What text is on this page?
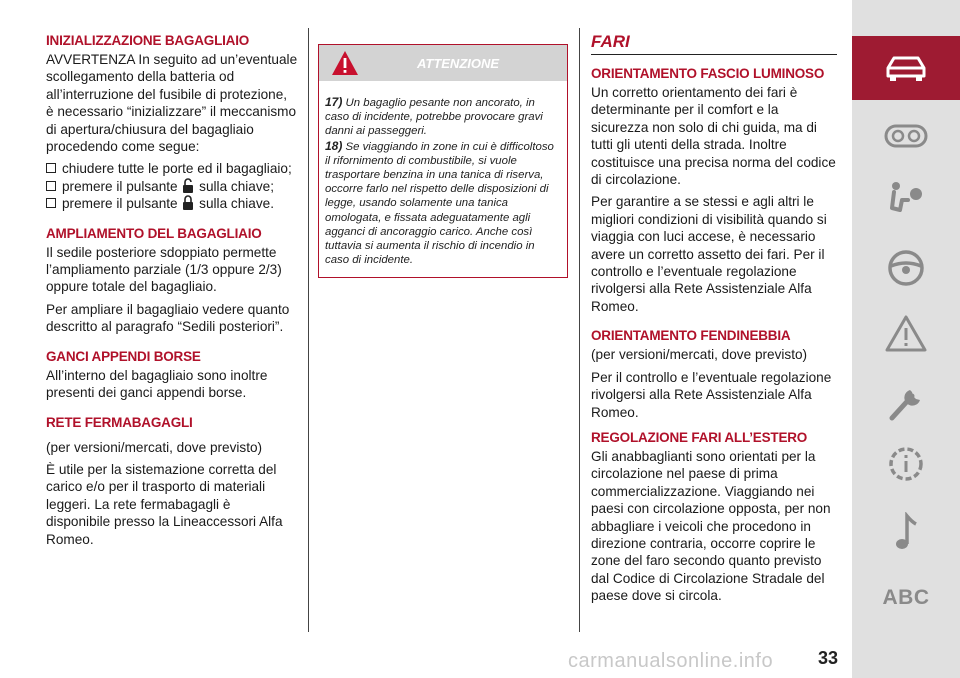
INIZIALIZZAZIONE BAGAGLIAIO

AVVERTENZA In seguito ad un’eventuale scollegamento della batteria od all’interruzione del fusibile di protezione, è necessario “inizializzare” il meccanismo di apertura/chiusura del bagagliaio procedendo come segue:

chiudere tutte le porte ed il bagagliaio;
premere il pulsante sulla chiave;
premere il pulsante sulla chiave.
AMPLIAMENTO DEL BAGAGLIAIO

Il sedile posteriore sdoppiato permette l’ampliamento parziale (1/3 oppure 2/3) oppure totale del bagagliaio.

Per ampliare il bagagliaio vedere quanto descritto al paragrafo “Sedili posteriori”.

GANCI APPENDI BORSE

All’interno del bagagliaio sono inoltre presenti dei ganci appendi borse.

RETE FERMABAGAGLI

(per versioni/mercati, dove previsto)

È utile per la sistemazione corretta del carico e/o per il trasporto di materiali leggeri. La rete fermabagagli è disponibile presso la Lineaccessori Alfa Romeo.

ATTENZIONE
17) Un bagaglio pesante non ancorato, in caso di incidente, potrebbe provocare gravi danni ai passeggeri.
18) Se viaggiando in zone in cui è difficoltoso il rifornimento di combustibile, si vuole trasportare benzina in una tanica di riserva, occorre farlo nel rispetto delle disposizioni di legge, usando solamente una tanica omologata, e fissata adeguatamente agli agganci di ancoraggio carico. Anche così tuttavia si aumenta il rischio di incendio in caso di incidente.
FARI
ORIENTAMENTO FASCIO LUMINOSO

Un corretto orientamento dei fari è determinante per il comfort e la sicurezza non solo di chi guida, ma di tutti gli utenti della strada. Inoltre costituisce una precisa norma del codice di circolazione.

Per garantire a se stessi e agli altri le migliori condizioni di visibilità quando si viaggia con luci accese, è necessario avere un corretto assetto dei fari. Per il controllo e l’eventuale regolazione rivolgersi alla Rete Assistenziale Alfa Romeo.

ORIENTAMENTO FENDINEBBIA

(per versioni/mercati, dove previsto)

Per il controllo e l’eventuale regolazione rivolgersi alla Rete Assistenziale Alfa Romeo.

REGOLAZIONE FARI ALL’ESTERO

Gli anabbaglianti sono orientati per la circolazione nel paese di prima commercializzazione. Viaggiando nei paesi con circolazione opposta, per non abbagliare i veicoli che procedono in direzione contraria, occorre coprire le zone del faro secondo quanto previsto dal Codice di Circolazione Stradale del paese dove si circola.	ABC
carmanualsonline.info 33
